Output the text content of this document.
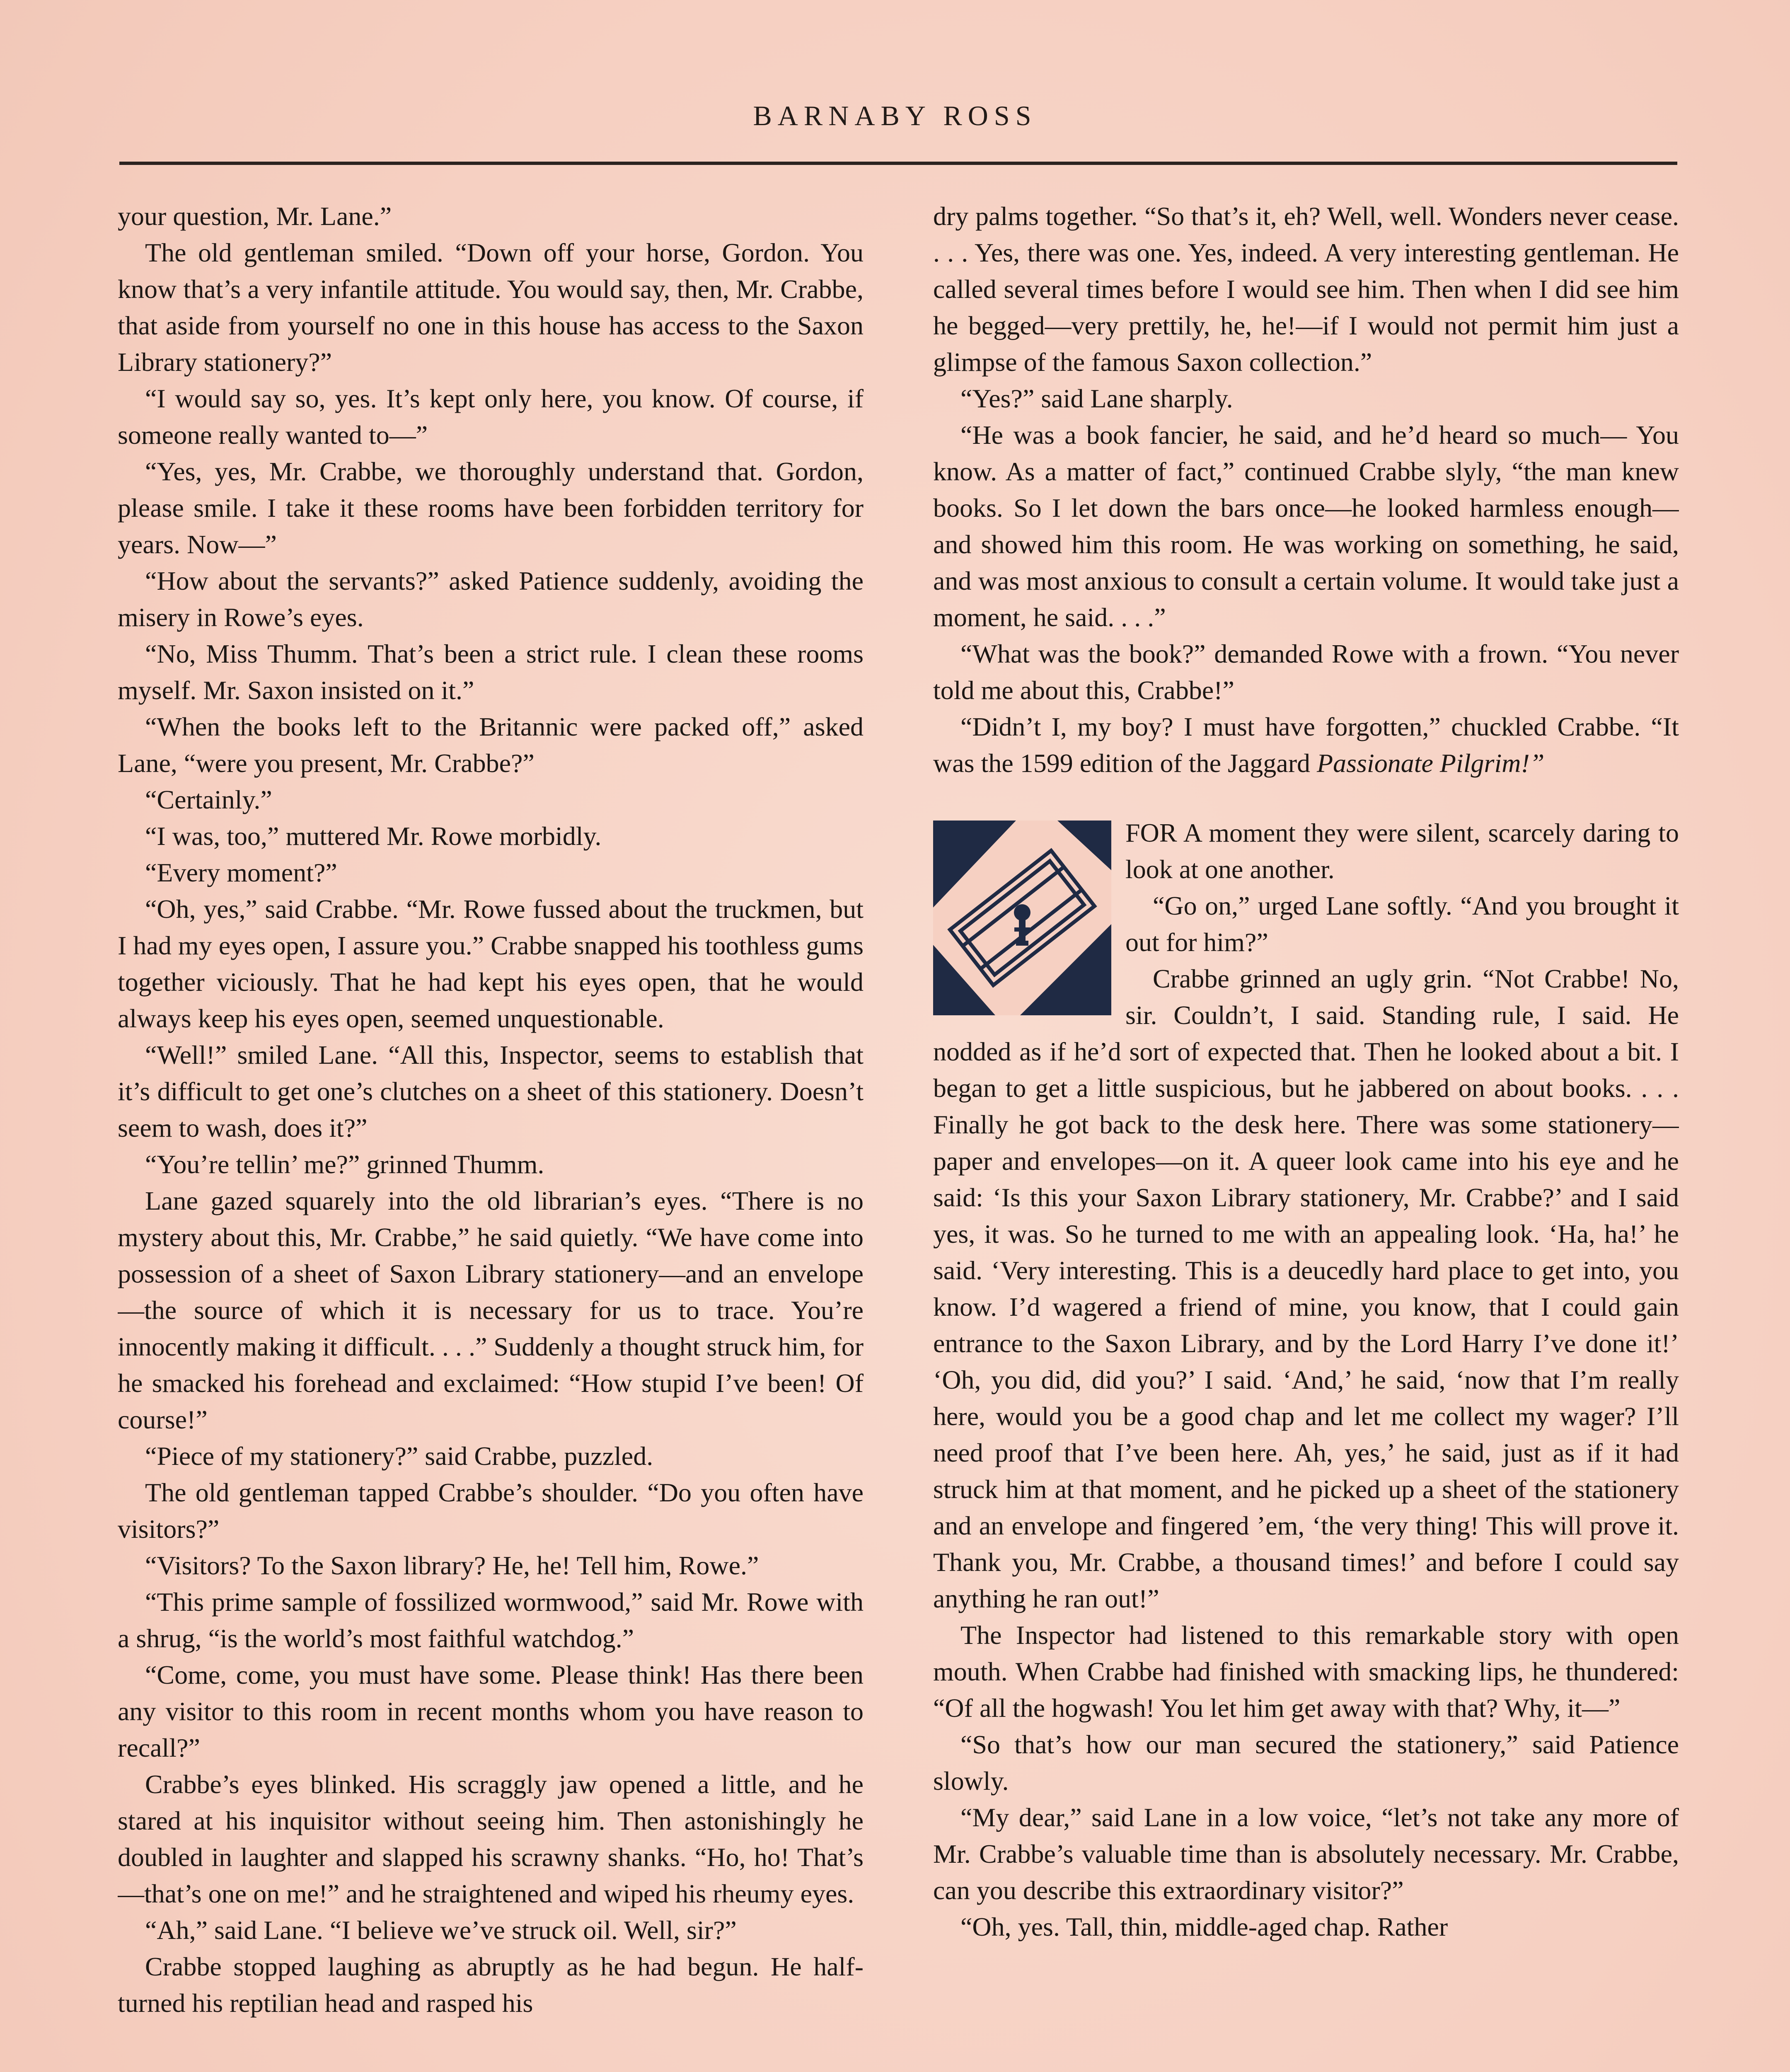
BARNABY ROSS

your question, Mr. Lane.”

The old gentleman smiled. “Down off your horse, Gordon. You know that’s a very infantile attitude. You would say, then, Mr. Crabbe, that aside from yourself no one in this house has access to the Saxon Library stationery?”

“I would say so, yes. It’s kept only here, you know. Of course, if someone really wanted to—”

“Yes, yes, Mr. Crabbe, we thoroughly understand that. Gordon, please smile. I take it these rooms have been forbidden territory for years. Now—”

“How about the servants?” asked Patience suddenly, avoiding the misery in Rowe’s eyes.

“No, Miss Thumm. That’s been a strict rule. I clean these rooms myself. Mr. Saxon insisted on it.”

“When the books left to the Britannic were packed off,” asked Lane, “were you present, Mr. Crabbe?”

“Certainly.”

“I was, too,” muttered Mr. Rowe morbidly.

“Every moment?”

“Oh, yes,” said Crabbe. “Mr. Rowe fussed about the truckmen, but I had my eyes open, I assure you.” Crabbe snapped his toothless gums together viciously. That he had kept his eyes open, that he would always keep his eyes open, seemed unquestionable.

“Well!” smiled Lane. “All this, Inspector, seems to establish that it’s difficult to get one’s clutches on a sheet of this stationery. Doesn’t seem to wash, does it?”

“You’re tellin’ me?” grinned Thumm.

Lane gazed squarely into the old librarian’s eyes. “There is no mystery about this, Mr. Crabbe,” he said quietly. “We have come into possession of a sheet of Saxon Library stationery—and an envelope—the source of which it is necessary for us to trace. You’re innocently making it difficult. . . .” Suddenly a thought struck him, for he smacked his forehead and exclaimed: “How stupid I’ve been! Of course!”

“Piece of my stationery?” said Crabbe, puzzled.

The old gentleman tapped Crabbe’s shoulder. “Do you often have visitors?”

“Visitors? To the Saxon library? He, he! Tell him, Rowe.”

“This prime sample of fossilized wormwood,” said Mr. Rowe with a shrug, “is the world’s most faithful watchdog.”

“Come, come, you must have some. Please think! Has there been any visitor to this room in recent months whom you have reason to recall?”

Crabbe’s eyes blinked. His scraggly jaw opened a little, and he stared at his inquisitor without seeing him. Then astonishingly he doubled in laughter and slapped his scrawny shanks. “Ho, ho! That’s—that’s one on me!” and he straightened and wiped his rheumy eyes.

“Ah,” said Lane. “I believe we’ve struck oil. Well, sir?”

Crabbe stopped laughing as abruptly as he had begun. He half-turned his reptilian head and rasped his

dry palms together. “So that’s it, eh? Well, well. Wonders never cease. . . . Yes, there was one. Yes, indeed. A very interesting gentleman. He called several times before I would see him. Then when I did see him he begged—very prettily, he, he!—if I would not permit him just a glimpse of the famous Saxon collection.”

“Yes?” said Lane sharply.

“He was a book fancier, he said, and he’d heard so much— You know. As a matter of fact,” continued Crabbe slyly, “the man knew books. So I let down the bars once—he looked harmless enough—and showed him this room. He was working on something, he said, and was most anxious to consult a certain volume. It would take just a moment, he said. . . .”

“What was the book?” demanded Rowe with a frown. “You never told me about this, Crabbe!”

“Didn’t I, my boy? I must have forgotten,” chuckled Crabbe. “It was the 1599 edition of the Jaggard Passionate Pilgrim!”

FOR A moment they were silent, scarcely daring to look at one another.

“Go on,” urged Lane softly. “And you brought it out for him?”

Crabbe grinned an ugly grin. “Not Crabbe! No, sir. Couldn’t, I said. Standing rule, I said. He nodded as if he’d sort of expected that. Then he looked about a bit. I began to get a little suspicious, but he jabbered on about books. . . . Finally he got back to the desk here. There was some stationery—paper and envelopes—on it. A queer look came into his eye and he said: ‘Is this your Saxon Library stationery, Mr. Crabbe?’ and I said yes, it was. So he turned to me with an appealing look. ‘Ha, ha!’ he said. ‘Very interesting. This is a deucedly hard place to get into, you know. I’d wagered a friend of mine, you know, that I could gain entrance to the Saxon Library, and by the Lord Harry I’ve done it!’ ‘Oh, you did, did you?’ I said. ‘And,’ he said, ‘now that I’m really here, would you be a good chap and let me collect my wager? I’ll need proof that I’ve been here. Ah, yes,’ he said, just as if it had struck him at that moment, and he picked up a sheet of the stationery and an envelope and fingered ’em, ‘the very thing! This will prove it. Thank you, Mr. Crabbe, a thousand times!’ and before I could say anything he ran out!”

The Inspector had listened to this remarkable story with open mouth. When Crabbe had finished with smacking lips, he thundered: “Of all the hogwash! You let him get away with that? Why, it—”

“So that’s how our man secured the stationery,” said Patience slowly.

“My dear,” said Lane in a low voice, “let’s not take any more of Mr. Crabbe’s valuable time than is absolutely necessary. Mr. Crabbe, can you describe this extraordinary visitor?”

“Oh, yes. Tall, thin, middle-aged chap. Rather
